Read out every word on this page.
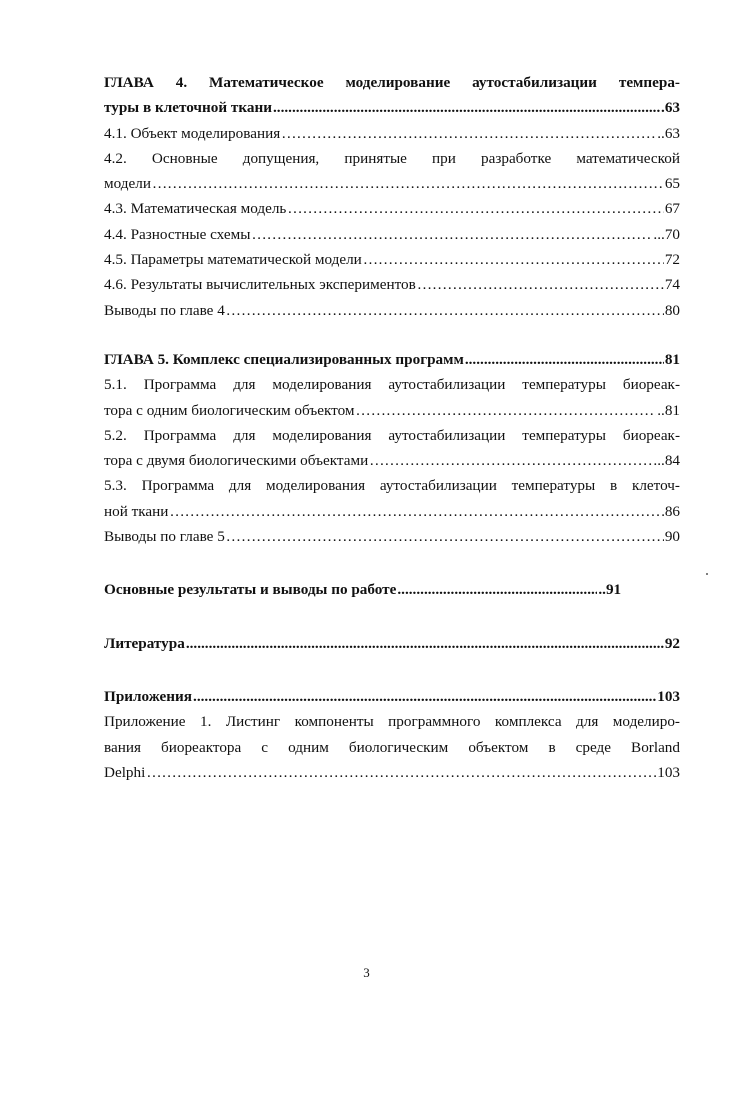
ГЛАВА 4. Математическое моделирование аутостабилизации темпера-
туры в клеточной ткани .....	.63
4.1. Объект моделирования …………………………………………………………………………………………………………………………………………………………………………………………………………………………………………	..63
4.2. Основные допущения, принятые при разработке математической
модели …………………………………………………………………………………………………………………………………………………………………………………………………………………………………………	65
4.3. Математическая модель …………………………………………………………………………………………………………………………………………………………………………………………………………………………………………	67
4.4. Разностные схемы …………………………………………………………………………………………………………………………………………………………………………………………………………………………………………	...70
4.5. Параметры математической модели …………………………………………………………………………………………………………………………………………………………………………………………………………………………………………	72
4.6. Результаты вычислительных экспериментов …………………………………………………………………………………………………………………………………………………………………………………………………………………………………………	74
Выводы по главе 4 …………………………………………………………………………………………………………………………………………………………………………………………………………………………………………	80
ГЛАВА 5. Комплекс специализированных программ .....	81
5.1. Программа для моделирования аутостабилизации температуры биореак-
тора с одним биологическим объектом …………………………………………………………………………………………………………………………………………………………………………………………………………………………………………	..81
5.2. Программа для моделирования аутостабилизации температуры биореак-
тора с двумя биологическими объектами …………………………………………………………………………………………………………………………………………………………………………………………………………………………………………	...84
5.3. Программа для моделирования аутостабилизации температуры в клеточ-
ной ткани …………………………………………………………………………………………………………………………………………………………………………………………………………………………………………	86
Выводы по главе 5 …………………………………………………………………………………………………………………………………………………………………………………………………………………………………………	90
Основные результаты и выводы по работе .....	..91
Литература .....	92
Приложения .....	103
Приложение 1. Листинг компоненты программного комплекса для моделиро-
вания биореактора с одним биологическим объектом в среде Borland
Delphi …………………………………………………………………………………………………………………………………………………………………………………………………………………………………………	103
3
